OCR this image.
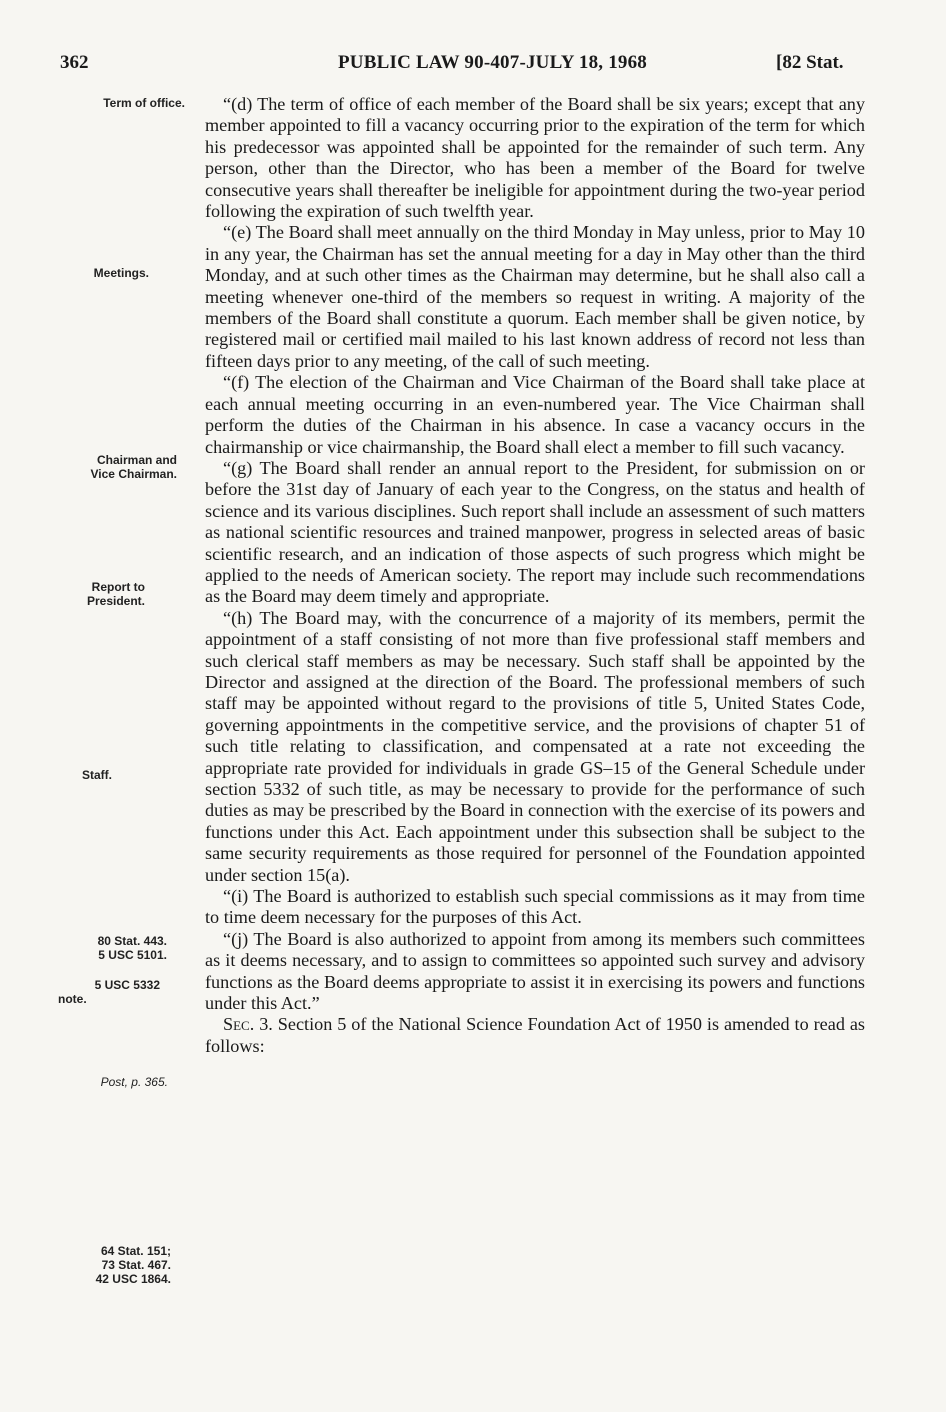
362	PUBLIC LAW 90-407-JULY 18, 1968	[82 Stat.
Term of office.
Meetings.
Chairman and
Vice Chairman.
Report to
President.
Staff.
80 Stat. 443.
5 USC 5101.
5 USC 5332
note.
Post, p. 365.
64 Stat. 151;
73 Stat. 467.
42 USC 1864.

“(d) The term of office of each member of the Board shall be six years; except that any member appointed to fill a vacancy occurring prior to the expiration of the term for which his predecessor was appointed shall be appointed for the remainder of such term. Any person, other than the Director, who has been a member of the Board for twelve consecutive years shall thereafter be ineligible for appointment during the two-year period following the expiration of such twelfth year.

“(e) The Board shall meet annually on the third Monday in May unless, prior to May 10 in any year, the Chairman has set the annual meeting for a day in May other than the third Monday, and at such other times as the Chairman may determine, but he shall also call a meeting whenever one-third of the members so request in writing. A majority of the members of the Board shall constitute a quorum. Each member shall be given notice, by registered mail or certified mail mailed to his last known address of record not less than fifteen days prior to any meeting, of the call of such meeting.

“(f) The election of the Chairman and Vice Chairman of the Board shall take place at each annual meeting occurring in an even-numbered year. The Vice Chairman shall perform the duties of the Chairman in his absence. In case a vacancy occurs in the chairmanship or vice chairmanship, the Board shall elect a member to fill such vacancy.

“(g) The Board shall render an annual report to the President, for submission on or before the 31st day of January of each year to the Congress, on the status and health of science and its various disciplines. Such report shall include an assessment of such matters as national scientific resources and trained manpower, progress in selected areas of basic scientific research, and an indication of those aspects of such progress which might be applied to the needs of American society. The report may include such recommendations as the Board may deem timely and appropriate.

“(h) The Board may, with the concurrence of a majority of its members, permit the appointment of a staff consisting of not more than five professional staff members and such clerical staff members as may be necessary. Such staff shall be appointed by the Director and assigned at the direction of the Board. The professional members of such staff may be appointed without regard to the provisions of title 5, United States Code, governing appointments in the competitive service, and the provisions of chapter 51 of such title relating to classification, and compensated at a rate not exceeding the appropriate rate provided for individuals in grade GS–15 of the General Schedule under section 5332 of such title, as may be necessary to provide for the performance of such duties as may be prescribed by the Board in connection with the exercise of its powers and functions under this Act. Each appointment under this subsection shall be subject to the same security requirements as those required for personnel of the Foundation appointed under section 15(a).

“(i) The Board is authorized to establish such special commissions as it may from time to time deem necessary for the purposes of this Act.

“(j) The Board is also authorized to appoint from among its members such committees as it deems necessary, and to assign to committees so appointed such survey and advisory functions as the Board deems appropriate to assist it in exercising its powers and functions under this Act.”

Sec. 3. Section 5 of the National Science Foundation Act of 1950 is amended to read as follows:
